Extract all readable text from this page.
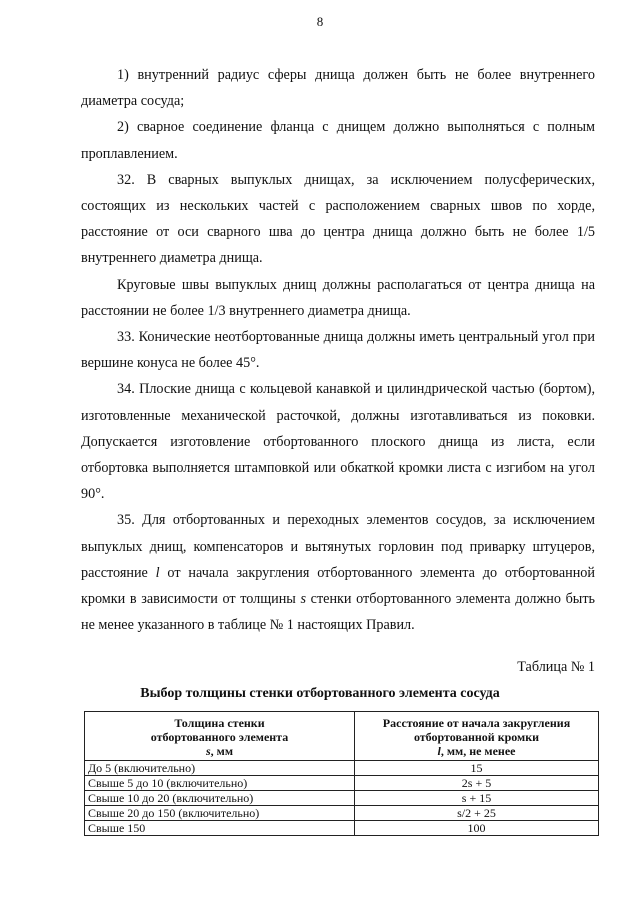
8

1) внутренний радиус сферы днища должен быть не более внутреннего диаметра сосуда;

2) сварное соединение фланца с днищем должно выполняться с полным проплавлением.

32. В сварных выпуклых днищах, за исключением полусферических, состоящих из нескольких частей с расположением сварных швов по хорде, расстояние от оси сварного шва до центра днища должно быть не более 1/5 внутреннего диаметра днища.

Круговые швы выпуклых днищ должны располагаться от центра днища на расстоянии не более 1/3 внутреннего диаметра днища.

33. Конические неотбортованные днища должны иметь центральный угол при вершине конуса не более 45°.

34. Плоские днища с кольцевой канавкой и цилиндрической частью (бортом), изготовленные механической расточкой, должны изготавливаться из поковки. Допускается изготовление отбортованного плоского днища из листа, если отбортовка выполняется штамповкой или обкаткой кромки листа с изгибом на угол 90°.

35. Для отбортованных и переходных элементов сосудов, за исключением выпуклых днищ, компенсаторов и вытянутых горловин под приварку штуцеров, расстояние l от начала закругления отбортованного элемента до отбортованной кромки в зависимости от толщины s стенки отбортованного элемента должно быть не менее указанного в таблице № 1 настоящих Правил.

Таблица № 1
Выбор толщины стенки отбортованного элемента сосуда
Толщина стенки
отбортованного элемента
s, мм	Расстояние от начала закругления
отбортованной кромки
l, мм, не менее
До 5 (включительно)	15
Свыше 5 до 10 (включительно)	2s + 5
Свыше 10 до 20 (включительно)	s + 15
Свыше 20 до 150 (включительно)	s/2 + 25
Свыше 150	100
